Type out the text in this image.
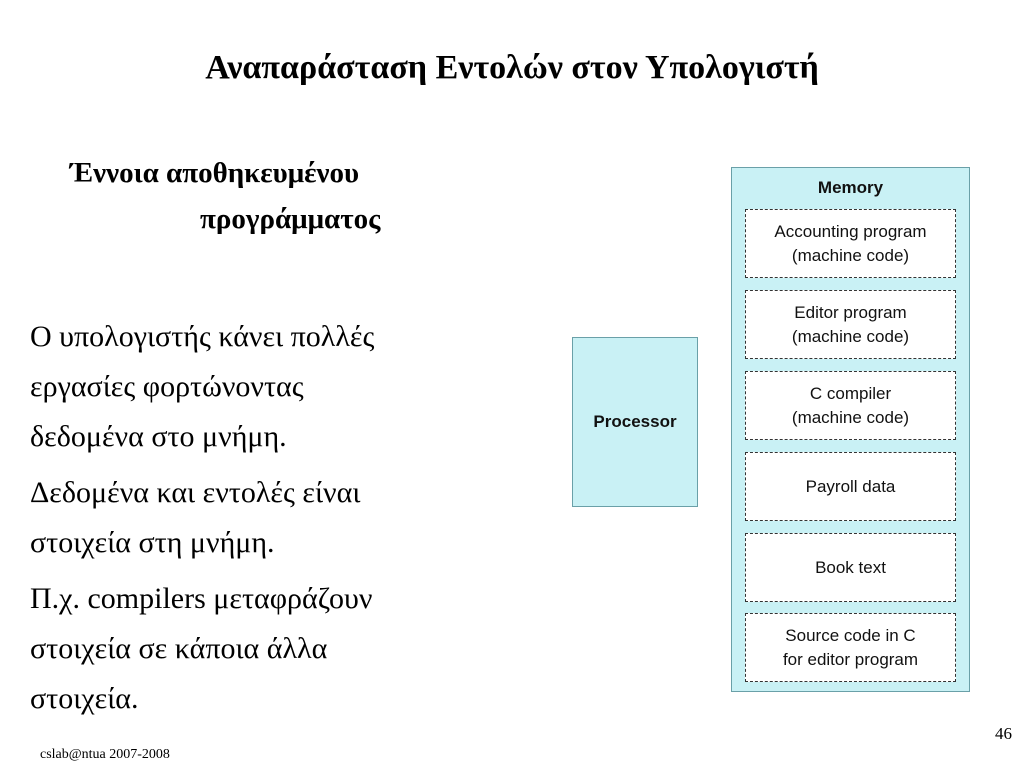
Αναπαράσταση Εντολών στον Υπολογιστή
Έννοια αποθηκευμένου
προγράμματος
Ο υπολογιστής κάνει πολλές
εργασίες φορτώνοντας
δεδομένα στο μνήμη.
Δεδομένα και εντολές είναι
στοιχεία στη μνήμη.
Π.χ. compilers μεταφράζουν
στοιχεία σε κάποια άλλα
στοιχεία.
Processor
Memory
Accounting program
(machine code)
Editor program
(machine code)
C compiler
(machine code)
Payroll data
Book text
Source code in C
for editor program
cslab@ntua 2007-2008
46
